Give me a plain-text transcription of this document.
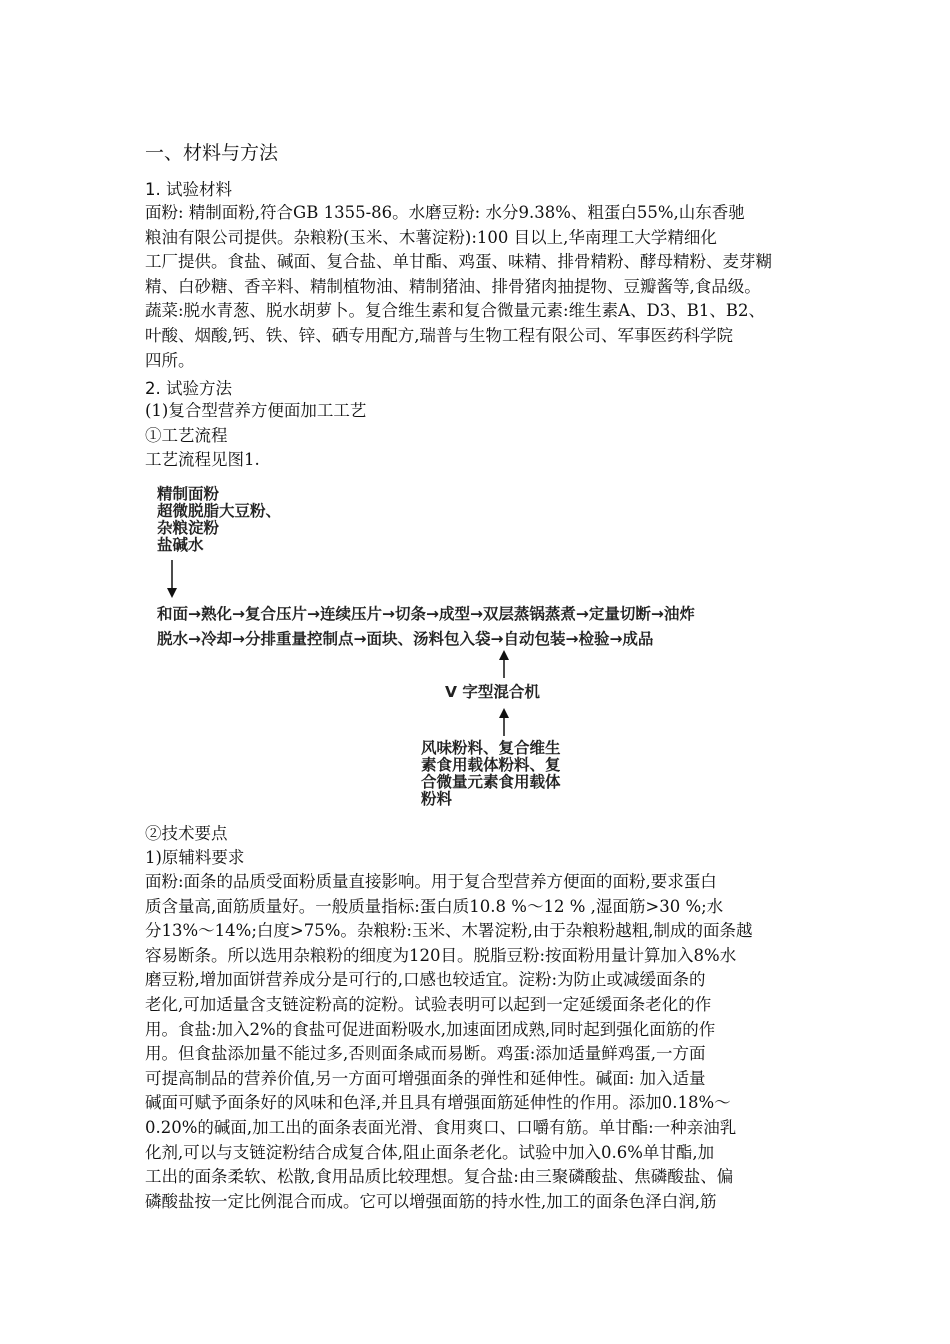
一、材料与方法
1. 试验材料
面粉: 精制面粉,符合GB 1355-86。水磨豆粉: 水分9.38%、粗蛋白55%,山东香驰
粮油有限公司提供。杂粮粉(玉米、木薯淀粉):100 目以上,华南理工大学精细化
工厂提供。食盐、碱面、复合盐、单甘酯、鸡蛋、味精、排骨精粉、酵母精粉、麦芽糊
精、白砂糖、香辛料、精制植物油、精制猪油、排骨猪肉抽提物、豆瓣酱等,食品级。
蔬菜:脱水青葱、脱水胡萝卜。复合维生素和复合微量元素:维生素A、D3、B1、B2、
叶酸、烟酸,钙、铁、锌、硒专用配方,瑞普与生物工程有限公司、军事医药科学院
四所。
2. 试验方法
(1)复合型营养方便面加工工艺
①工艺流程
工艺流程见图1.
精制面粉
超微脱脂大豆粉、
杂粮淀粉
盐碱水
和面→熟化→复合压片→连续压片→切条→成型→双层蒸锅蒸煮→定量切断→油炸
脱水→冷却→分排重量控制点→面块、汤料包入袋→自动包装→检验→成品
V 字型混合机
风味粉料、复合维生
素食用载体粉料、复
合微量元素食用载体
粉料
②技术要点
1)原辅料要求
面粉:面条的品质受面粉质量直接影响。用于复合型营养方便面的面粉,要求蛋白
质含量高,面筋质量好。一般质量指标:蛋白质10.8 %～12 % ,湿面筋>30 %;水
分13%～14%;白度>75%。杂粮粉:玉米、木署淀粉,由于杂粮粉越粗,制成的面条越
容易断条。所以选用杂粮粉的细度为120目。脱脂豆粉:按面粉用量计算加入8%水
磨豆粉,增加面饼营养成分是可行的,口感也较适宜。淀粉:为防止或减缓面条的
老化,可加适量含支链淀粉高的淀粉。试验表明可以起到一定延缓面条老化的作
用。食盐:加入2%的食盐可促进面粉吸水,加速面团成熟,同时起到强化面筋的作
用。但食盐添加量不能过多,否则面条咸而易断。鸡蛋:添加适量鲜鸡蛋,一方面
可提高制品的营养价值,另一方面可增强面条的弹性和延伸性。碱面: 加入适量
碱面可赋予面条好的风味和色泽,并且具有增强面筋延伸性的作用。添加0.18%～
0.20%的碱面,加工出的面条表面光滑、食用爽口、口嚼有筋。单甘酯:一种亲油乳
化剂,可以与支链淀粉结合成复合体,阻止面条老化。试验中加入0.6%单甘酯,加
工出的面条柔软、松散,食用品质比较理想。复合盐:由三聚磷酸盐、焦磷酸盐、偏
磷酸盐按一定比例混合而成。它可以增强面筋的持水性,加工的面条色泽白润,筋
